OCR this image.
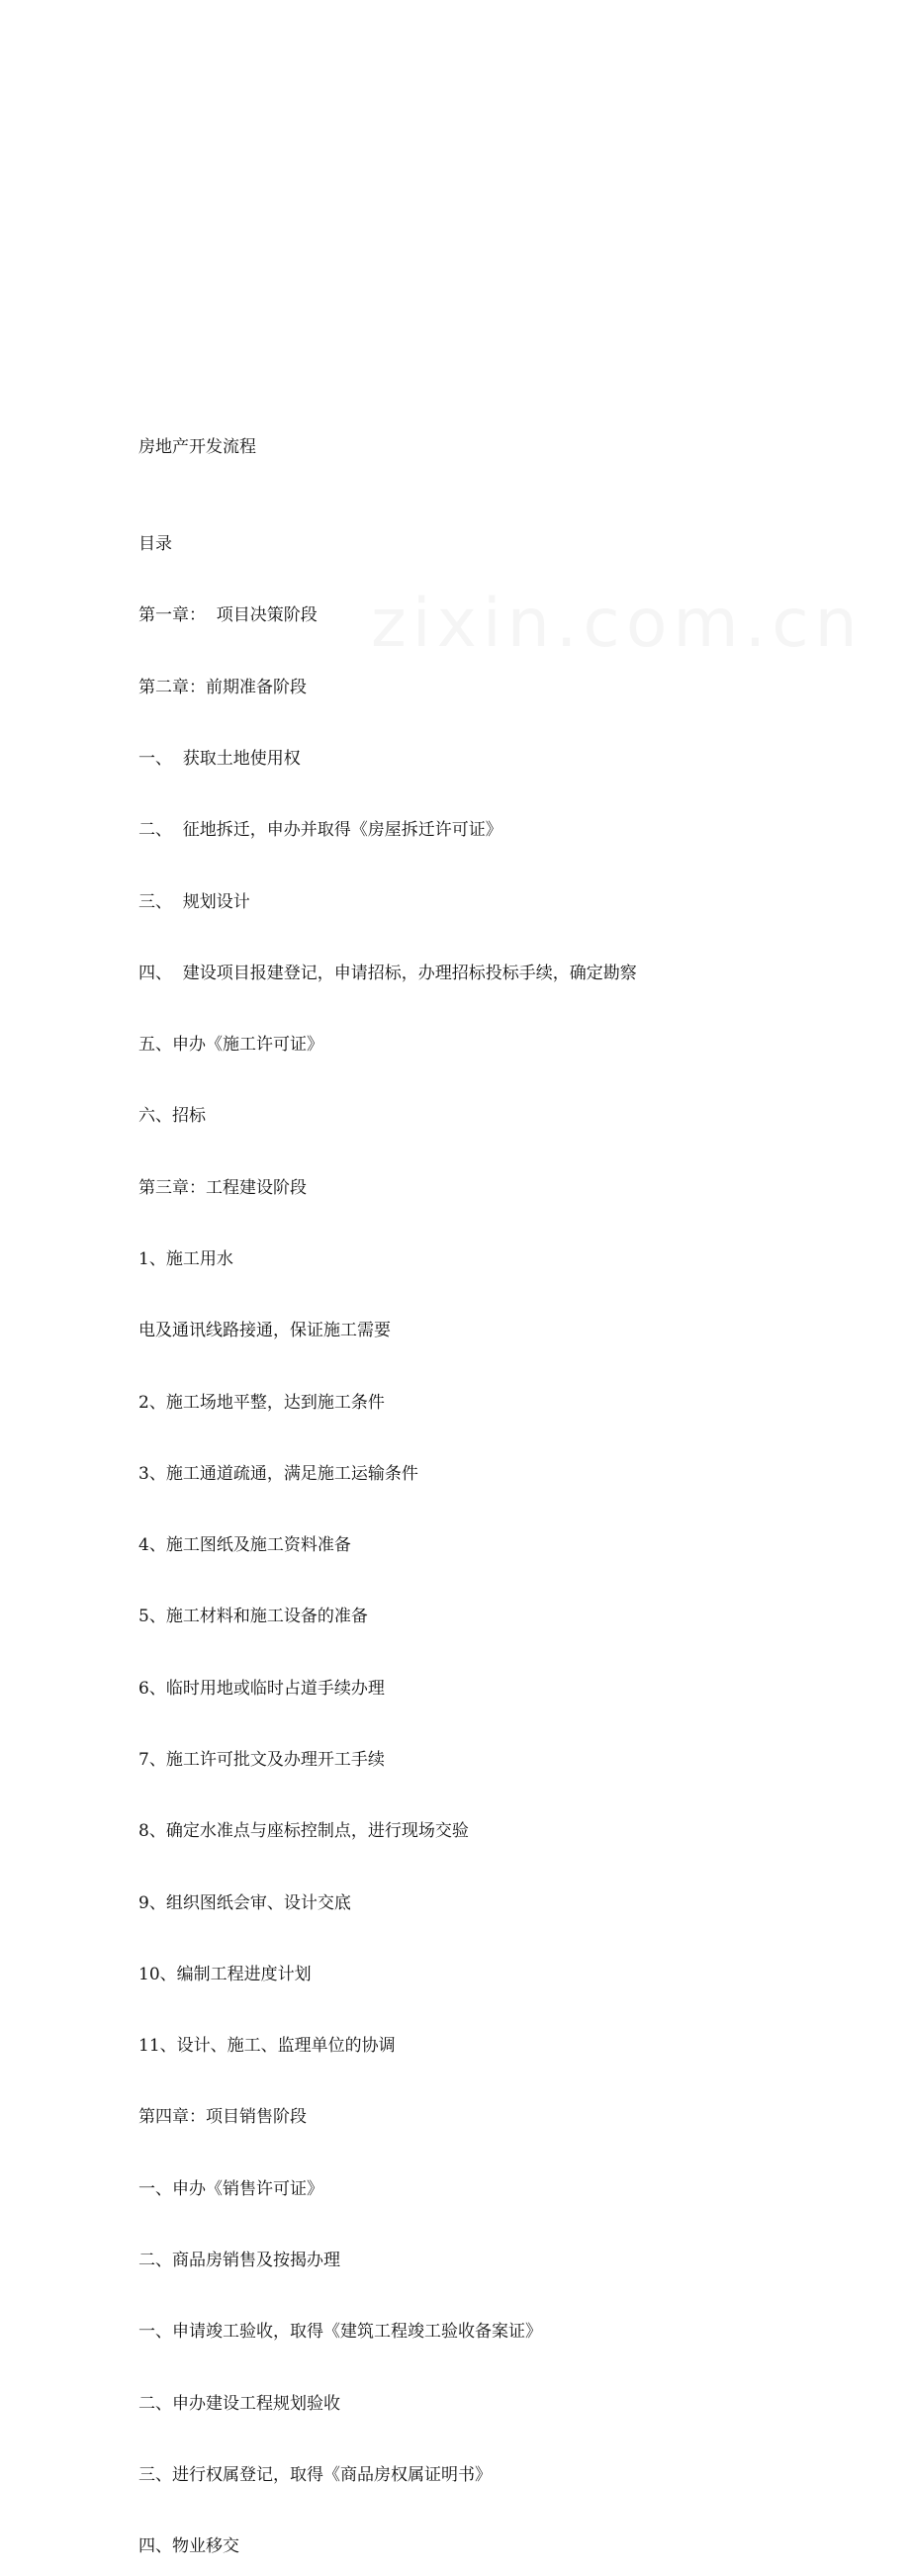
zixin.com.cn
房地产开发流程

目录

第一章：  项目决策阶段

第二章：前期准备阶段

一、  获取土地使用权

二、  征地拆迁，申办并取得《房屋拆迁许可证》

三、  规划设计

四、  建设项目报建登记，申请招标，办理招标投标手续，确定勘察

五、申办《施工许可证》

六、招标

第三章：工程建设阶段

1、施工用水

电及通讯线路接通，保证施工需要

2、施工场地平整，达到施工条件

3、施工通道疏通，满足施工运输条件

4、施工图纸及施工资料准备

5、施工材料和施工设备的准备

6、临时用地或临时占道手续办理

7、施工许可批文及办理开工手续

8、确定水准点与座标控制点，进行现场交验

9、组织图纸会审、设计交底

10、编制工程进度计划

11、设计、施工、监理单位的协调

第四章：项目销售阶段

一、申办《销售许可证》

二、商品房销售及按揭办理

一、申请竣工验收，取得《建筑工程竣工验收备案证》

二、申办建设工程规划验收

三、进行权属登记，取得《商品房权属证明书》

四、物业移交
